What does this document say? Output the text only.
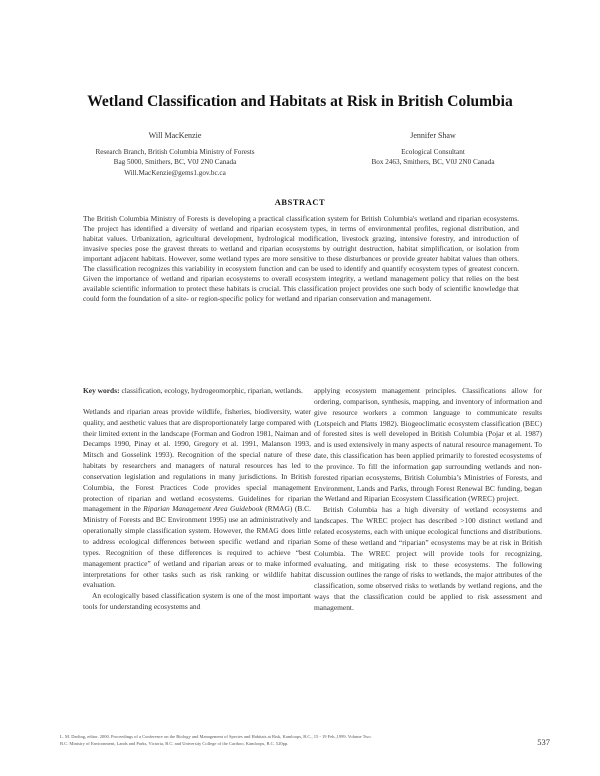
Wetland Classification and Habitats at Risk in British Columbia
Will MacKenzie
Research Branch, British Columbia Ministry of Forests
Bag 5000, Smithers, BC, V0J 2N0 Canada
Will.MacKenzie@gems1.gov.bc.ca
Jennifer Shaw
Ecological Consultant
Box 2463, Smithers, BC, V0J 2N0 Canada
ABSTRACT

The British Columbia Ministry of Forests is developing a practical classification system for British Columbia's wetland and riparian ecosystems. The project has identified a diversity of wetland and riparian ecosystem types, in terms of environmental profiles, regional distribution, and habitat values. Urbanization, agricultural development, hydrological modification, livestock grazing, intensive forestry, and introduction of invasive species pose the gravest threats to wetland and riparian ecosystems by outright destruction, habitat simplification, or isolation from important adjacent habitats. However, some wetland types are more sensitive to these disturbances or provide greater habitat values than others. The classification recognizes this variability in ecosystem function and can be used to identify and quantify ecosystem types of greatest concern. Given the importance of wetland and riparian ecosystems to overall ecosystem integrity, a wetland management policy that relies on the best available scientific information to protect these habitats is crucial. This classification project provides one such body of scientific knowledge that could form the foundation of a site- or region-specific policy for wetland and riparian conservation and management.

Key words: classification, ecology, hydrogeomorphic, riparian, wetlands.

Wetlands and riparian areas provide wildlife, fisheries, biodiversity, water quality, and aesthetic values that are disproportionately large compared with their limited extent in the landscape (Forman and Godron 1981, Naiman and Decamps 1990, Pinay et al. 1990, Gregory et al. 1991, Malanson 1993, Mitsch and Gosselink 1993). Recognition of the special nature of these habitats by researchers and managers of natural resources has led to conservation legislation and regulations in many jurisdictions. In British Columbia, the Forest Practices Code provides special management protection of riparian and wetland ecosystems. Guidelines for riparian management in the Riparian Management Area Guidebook (RMAG) (B.C. Ministry of Forests and BC Environment 1995) use an administratively and operationally simple classification system. However, the RMAG does little to address ecological differences between specific wetland and riparian types. Recognition of these differences is required to achieve “best management practice” of wetland and riparian areas or to make informed interpretations for other tasks such as risk ranking or wildlife habitat evaluation.

An ecologically based classification system is one of the most important tools for understanding ecosystems and

applying ecosystem management principles. Classifications allow for ordering, comparison, synthesis, mapping, and inventory of information and give resource workers a common language to communicate results (Lotspeich and Platts 1982). Biogeoclimatic ecosystem classification (BEC) of forested sites is well developed in British Columbia (Pojar et al. 1987) and is used extensively in many aspects of natural resource management. To date, this classification has been applied primarily to forested ecosystems of the province. To fill the information gap surrounding wetlands and non-forested riparian ecosystems, British Columbia’s Ministries of Forests, and Environment, Lands and Parks, through Forest Renewal BC funding, began the Wetland and Riparian Ecosystem Classification (WREC) project.

British Columbia has a high diversity of wetland ecosystems and landscapes. The WREC project has described >100 distinct wetland and related ecosystems, each with unique ecological functions and distributions. Some of these wetland and “riparian” ecosystems may be at risk in British Columbia. The WREC project will provide tools for recognizing, evaluating, and mitigating risk to these ecosystems. The following discussion outlines the range of risks to wetlands, the major attributes of the classification, some observed risks to wetlands by wetland regions, and the ways that the classification could be applied to risk assessment and management.

L. M. Darling, editor. 2000. Proceedings of a Conference on the Biology and Management of Species and Habitats at Risk, Kamloops, B.C., 15 - 19 Feb.,1999. Volume Two.
B.C. Ministry of Environment, Lands and Parks, Victoria, B.C. and University College of the Cariboo, Kamloops, B.C. 520pp.	537
